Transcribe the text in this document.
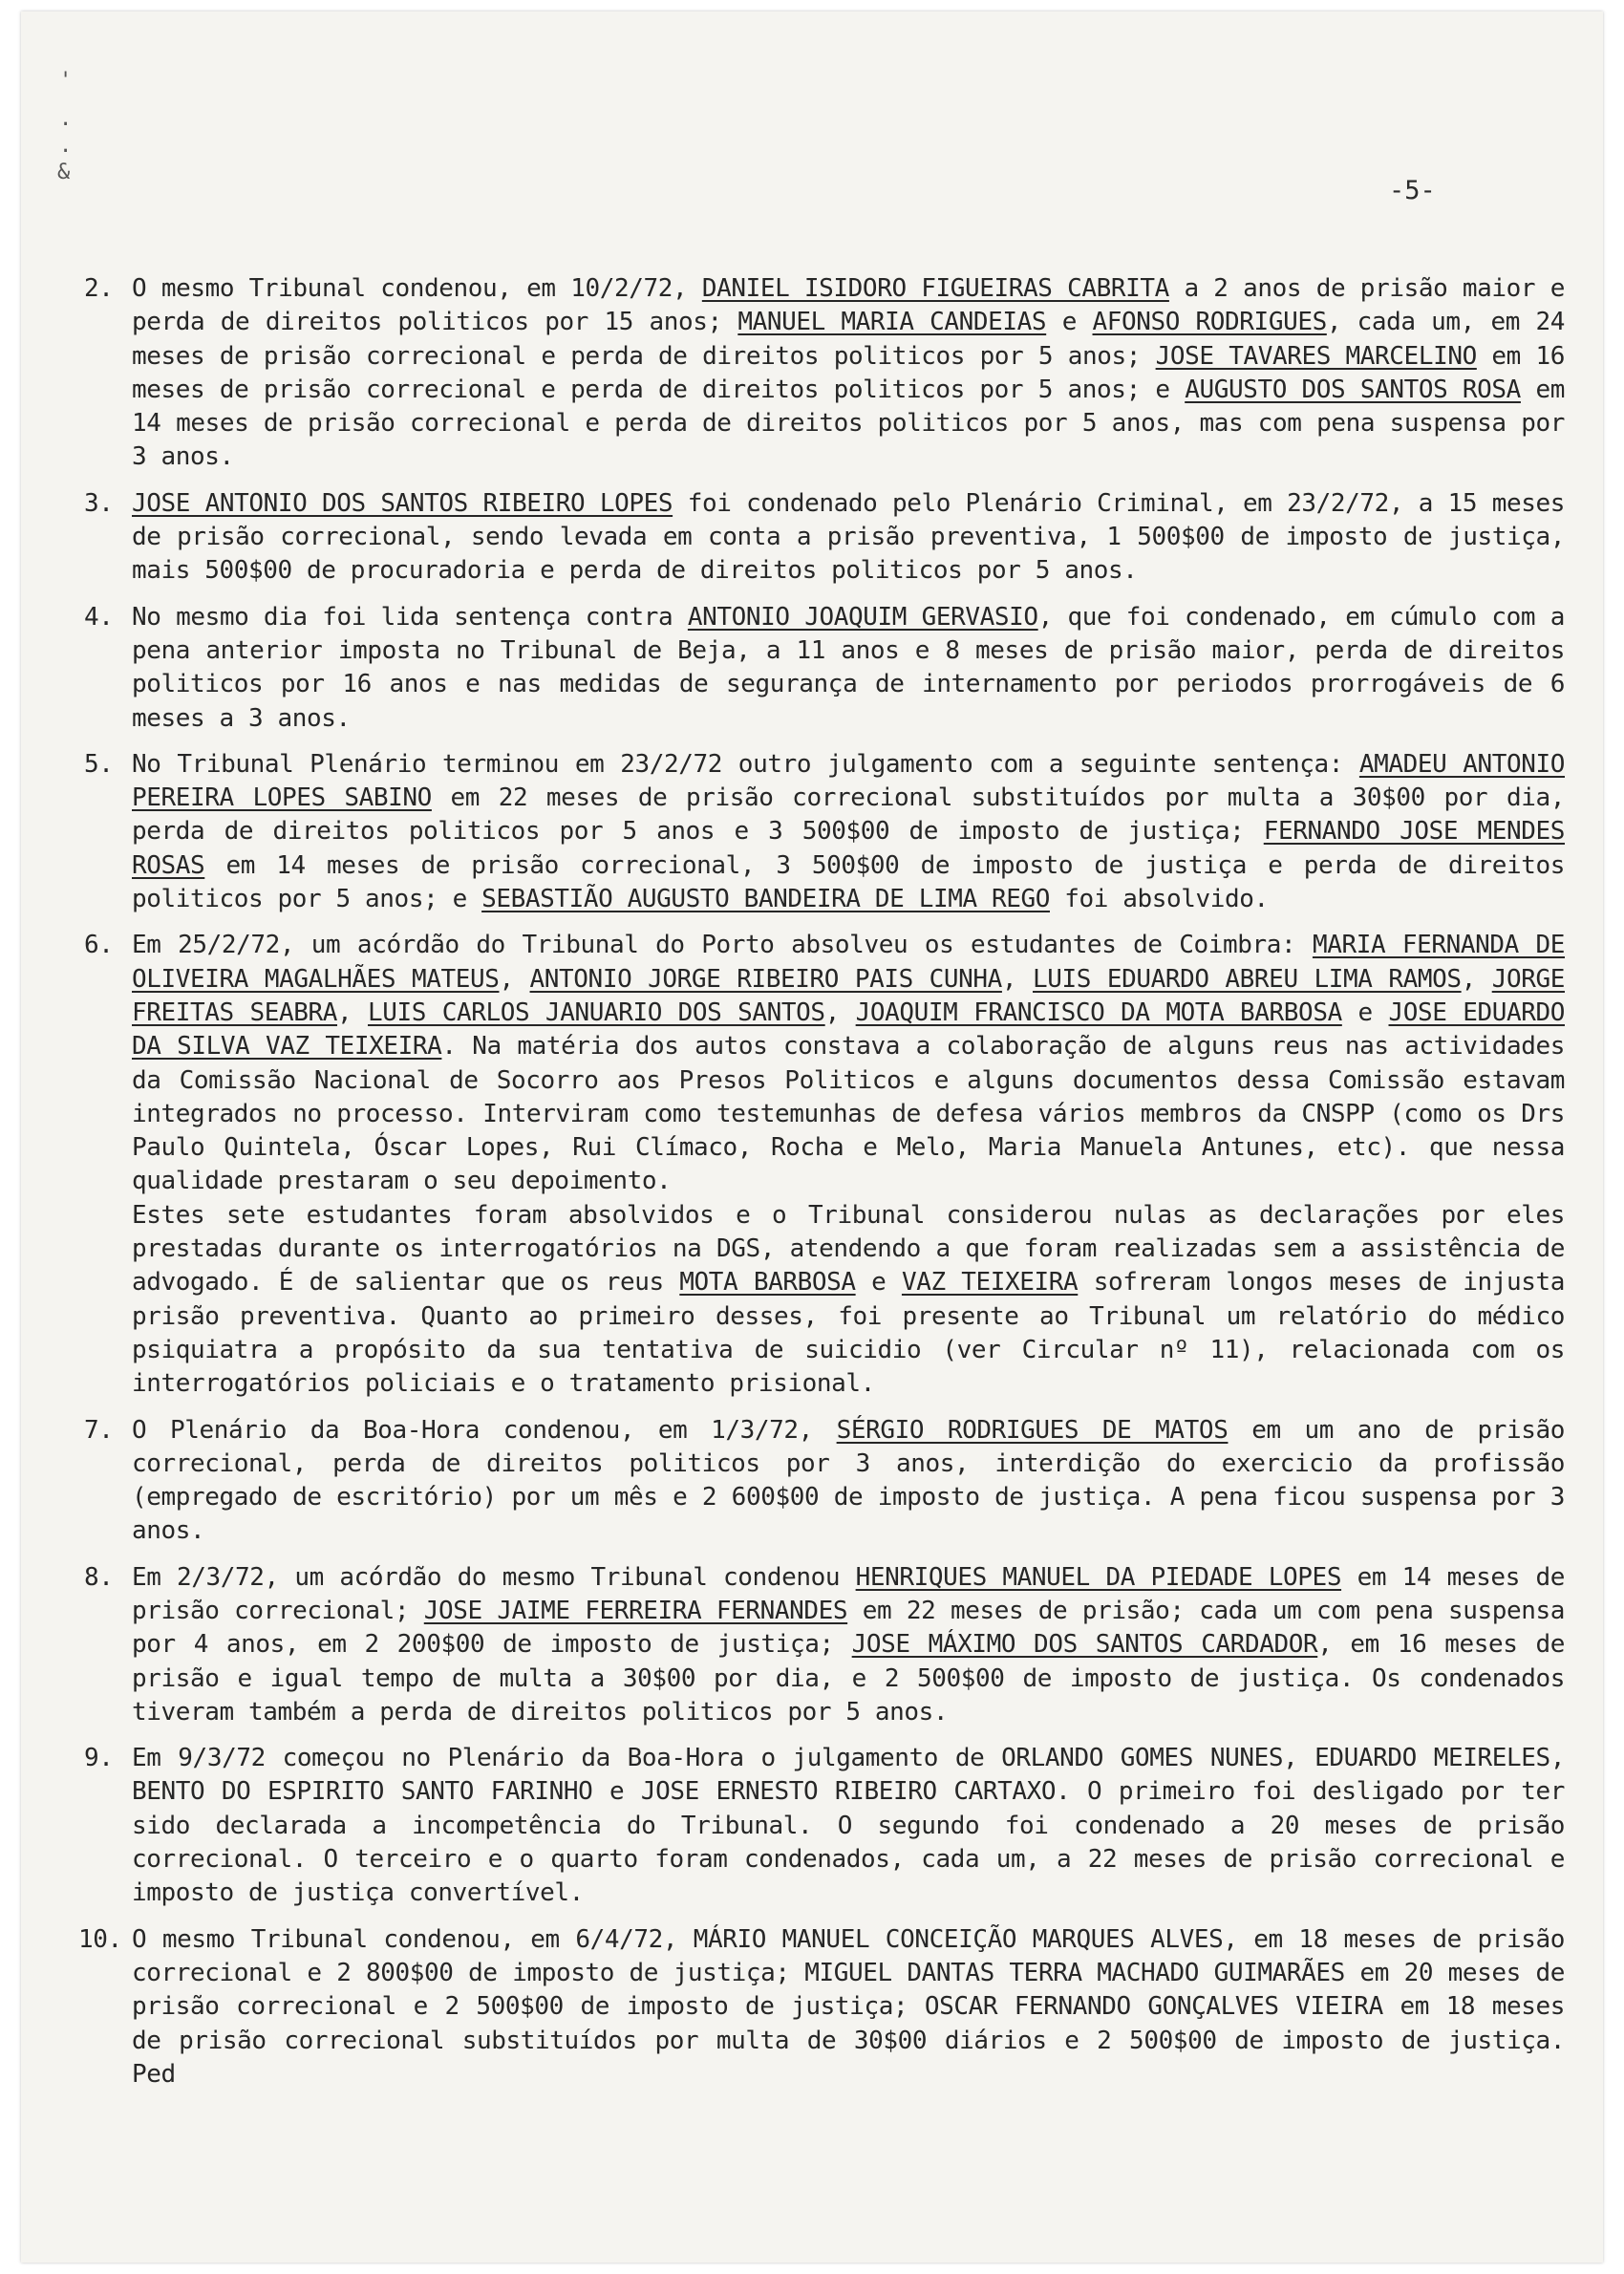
'
.
.
&
-5-
2. O mesmo Tribunal condenou, em 10/2/72, DANIEL ISIDORO FIGUEIRAS CABRITA a 2 anos de prisão maior e perda de direitos politicos por 15 anos; MANUEL MARIA CANDEIAS e AFONSO RODRIGUES, cada um, em 24 meses de prisão correcional e perda de direitos politicos por 5 anos; JOSE TAVARES MARCELINO em 16 meses de prisão correcional e perda de direitos politicos por 5 anos; e AUGUSTO DOS SANTOS ROSA em 14 meses de prisão correcional e perda de direitos politicos por 5 anos, mas com pena suspensa por 3 anos.

3. JOSE ANTONIO DOS SANTOS RIBEIRO LOPES foi condenado pelo Plenário Criminal, em 23/2/72, a 15 meses de prisão correcional, sendo levada em conta a prisão preventiva, 1 500$00 de imposto de justiça, mais 500$00 de procuradoria e perda de direitos politicos por 5 anos.

4. No mesmo dia foi lida sentença contra ANTONIO JOAQUIM GERVASIO, que foi condenado, em cúmulo com a pena anterior imposta no Tribunal de Beja, a 11 anos e 8 meses de prisão maior, perda de direitos politicos por 16 anos e nas medidas de segurança de internamento por periodos prorrogáveis de 6 meses a 3 anos.

5. No Tribunal Plenário terminou em 23/2/72 outro julgamento com a seguinte sentença: AMADEU ANTONIO PEREIRA LOPES SABINO em 22 meses de prisão correcional substituídos por multa a 30$00 por dia, perda de direitos politicos por 5 anos e 3 500$00 de imposto de justiça; FERNANDO JOSE MENDES ROSAS em 14 meses de prisão correcional, 3 500$00 de imposto de justiça e perda de direitos politicos por 5 anos; e SEBASTIÃO AUGUSTO BANDEIRA DE LIMA REGO foi absolvido.

6. Em 25/2/72, um acórdão do Tribunal do Porto absolveu os estudantes de Coimbra: MARIA FERNANDA DE OLIVEIRA MAGALHÃES MATEUS, ANTONIO JORGE RIBEIRO PAIS CUNHA, LUIS EDUARDO ABREU LIMA RAMOS, JORGE FREITAS SEABRA, LUIS CARLOS JANUARIO DOS SANTOS, JOAQUIM FRANCISCO DA MOTA BARBOSA e JOSE EDUARDO DA SILVA VAZ TEIXEIRA. Na matéria dos autos constava a colaboração de alguns reus nas actividades da Comissão Nacional de Socorro aos Presos Politicos e alguns documentos dessa Comissão estavam integrados no processo. Interviram como testemunhas de defesa vários membros da CNSPP (como os Drs Paulo Quintela, Óscar Lopes, Rui Clímaco, Rocha e Melo, Maria Manuela Antunes, etc). que nessa qualidade prestaram o seu depoimento.

Estes sete estudantes foram absolvidos e o Tribunal considerou nulas as declarações por eles prestadas durante os interrogatórios na DGS, atendendo a que foram realizadas sem a assistência de advogado. É de salientar que os reus MOTA BARBOSA e VAZ TEIXEIRA sofreram longos meses de injusta prisão preventiva. Quanto ao primeiro desses, foi presente ao Tribunal um relatório do médico psiquiatra a propósito da sua tentativa de suicidio (ver Circular nº 11), relacionada com os interrogatórios policiais e o tratamento prisional.

7. O Plenário da Boa-Hora condenou, em 1/3/72, SÉRGIO RODRIGUES DE MATOS em um ano de prisão correcional, perda de direitos politicos por 3 anos, interdição do exercicio da profissão (empregado de escritório) por um mês e 2 600$00 de imposto de justiça. A pena ficou suspensa por 3 anos.

8. Em 2/3/72, um acórdão do mesmo Tribunal condenou HENRIQUES MANUEL DA PIEDADE LOPES em 14 meses de prisão correcional; JOSE JAIME FERREIRA FERNANDES em 22 meses de prisão; cada um com pena suspensa por 4 anos, em 2 200$00 de imposto de justiça; JOSE MÁXIMO DOS SANTOS CARDADOR, em 16 meses de prisão e igual tempo de multa a 30$00 por dia, e 2 500$00 de imposto de justiça. Os condenados tiveram também a perda de direitos politicos por 5 anos.

9. Em 9/3/72 começou no Plenário da Boa-Hora o julgamento de ORLANDO GOMES NUNES, EDUARDO MEIRELES, BENTO DO ESPIRITO SANTO FARINHO e JOSE ERNESTO RIBEIRO CARTAXO. O primeiro foi desligado por ter sido declarada a incompetência do Tribunal. O segundo foi condenado a 20 meses de prisão correcional. O terceiro e o quarto foram condenados, cada um, a 22 meses de prisão correcional e imposto de justiça convertível.

10. O mesmo Tribunal condenou, em 6/4/72, MÁRIO MANUEL CONCEIÇÃO MARQUES ALVES, em 18 meses de prisão correcional e 2 800$00 de imposto de justiça; MIGUEL DANTAS TERRA MACHADO GUIMARÃES em 20 meses de prisão correcional e 2 500$00 de imposto de justiça; OSCAR FERNANDO GONÇALVES VIEIRA em 18 meses de prisão correcional substituídos por multa de 30$00 diários e 2 500$00 de imposto de justiça. Ped
